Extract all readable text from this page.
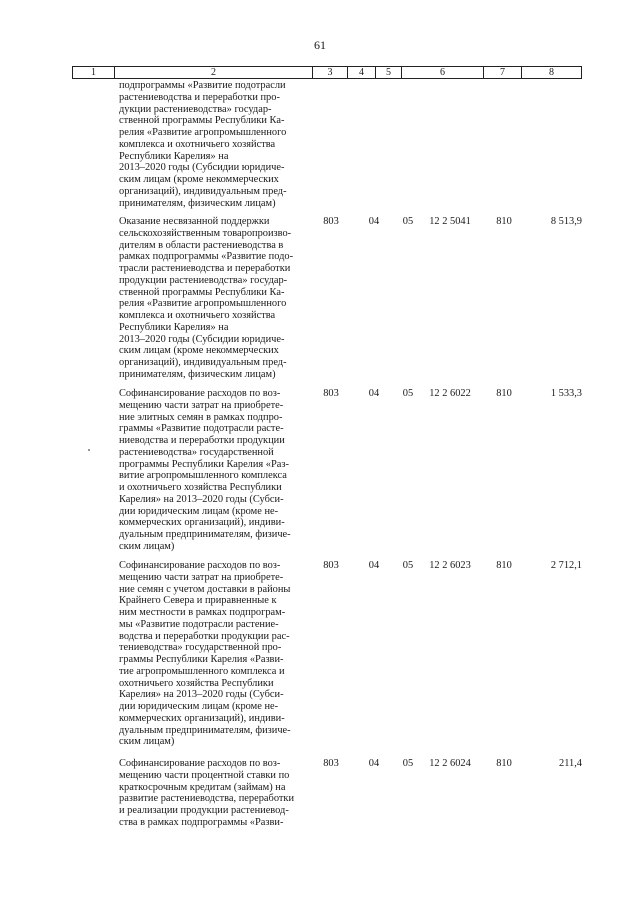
61
1	2	3	4	5	6	7	8
подпрограммы «Развитие подотрасли
растениеводства и переработки про-
дукции растениеводства» государ-
ственной программы Республики Ка-
релия «Развитие агропромышленного
комплекса и охотничьего хозяйства
Республики Карелия» на
2013–2020 годы (Субсидии юридиче-
ским лицам (кроме некоммерческих
организаций), индивидуальным пред-
принимателям, физическим лицам)
Оказание несвязанной поддержки
сельскохозяйственным товаропроизво-
дителям в области растениеводства в
рамках подпрограммы «Развитие подо-
трасли растениеводства и переработки
продукции растениеводства» государ-
ственной программы Республики Ка-
релия «Развитие агропромышленного
комплекса и охотничьего хозяйства
Республики Карелия» на
2013–2020 годы (Субсидии юридиче-
ским лицам (кроме некоммерческих
организаций), индивидуальным пред-
принимателям, физическим лицам)
803	04	05	12 2 5041	810	8 513,9
Софинансирование расходов по воз-
мещению части затрат на приобрете-
ние элитных семян в рамках подпро-
граммы «Развитие подотрасли расте-
ниеводства и переработки продукции
растениеводства» государственной
программы Республики Карелия «Раз-
витие агропромышленного комплекса
и охотничьего хозяйства Республики
Карелия» на 2013–2020 годы (Субси-
дии юридическим лицам (кроме не-
коммерческих организаций), индиви-
дуальным предпринимателям, физиче-
ским лицам)
803	04	05	12 2 6022	810	1 533,3
Софинансирование расходов по воз-
мещению части затрат на приобрете-
ние семян с учетом доставки в районы
Крайнего Севера и приравненные к
ним местности в рамках подпрограм-
мы «Развитие подотрасли растение-
водства и переработки продукции рас-
тениеводства» государственной про-
граммы Республики Карелия «Разви-
тие агропромышленного комплекса и
охотничьего хозяйства Республики
Карелия» на 2013–2020 годы (Субси-
дии юридическим лицам (кроме не-
коммерческих организаций), индиви-
дуальным предпринимателям, физиче-
ским лицам)
803	04	05	12 2 6023	810	2 712,1
Софинансирование расходов по воз-
мещению части процентной ставки по
краткосрочным кредитам (займам) на
развитие растениеводства, переработки
и реализации продукции растениевод-
ства в рамках подпрограммы «Разви-
803	04	05	12 2 6024	810	211,4
